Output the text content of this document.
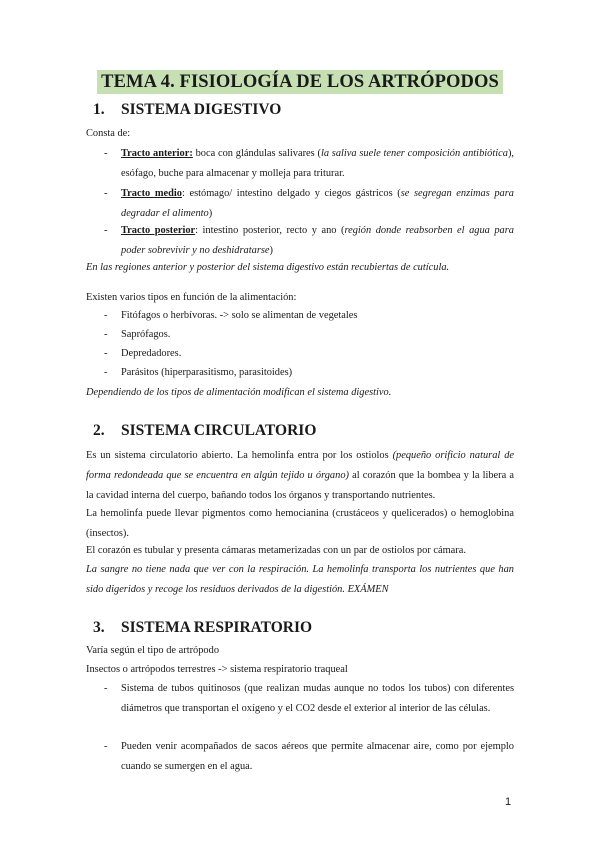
TEMA 4. FISIOLOGÍA DE LOS ARTRÓPODOS
1. SISTEMA DIGESTIVO
Consta de:
- Tracto anterior: boca con glándulas salivares (la saliva suele tener composición antibiótica), esófago, buche para almacenar y molleja para triturar.
- Tracto medio: estómago/ intestino delgado y ciegos gástricos (se segregan enzimas para degradar el alimento)
- Tracto posterior: intestino posterior, recto y ano (región donde reabsorben el agua para poder sobrevivir y no deshidratarse)
En las regiones anterior y posterior del sistema digestivo están recubiertas de cutícula.
Existen varios tipos en función de la alimentación:
- Fitófagos o herbívoras. -> solo se alimentan de vegetales
- Saprófagos.
- Depredadores.
- Parásitos (hiperparasitismo, parasitoides)
Dependiendo de los tipos de alimentación modifican el sistema digestivo.
2. SISTEMA CIRCULATORIO
Es un sistema circulatorio abierto. La hemolinfa entra por los ostiolos (pequeño orificio natural de forma redondeada que se encuentra en algún tejido u órgano) al corazón que la bombea y la libera a la cavidad interna del cuerpo, bañando todos los órganos y transportando nutrientes.
La hemolinfa puede llevar pigmentos como hemocianina (crustáceos y quelicerados) o hemoglobina (insectos).
El corazón es tubular y presenta cámaras metamerizadas con un par de ostiolos por cámara.
La sangre no tiene nada que ver con la respiración. La hemolinfa transporta los nutrientes que han sido digeridos y recoge los residuos derivados de la digestión. EXÁMEN
3. SISTEMA RESPIRATORIO
Varía según el tipo de artrópodo
Insectos o artrópodos terrestres -> sistema respiratorio traqueal
- Sistema de tubos quitinosos (que realizan mudas aunque no todos los tubos) con diferentes diámetros que transportan el oxígeno y el CO2 desde el exterior al interior de las células.
- Pueden venir acompañados de sacos aéreos que permite almacenar aire, como por ejemplo cuando se sumergen en el agua.
1
